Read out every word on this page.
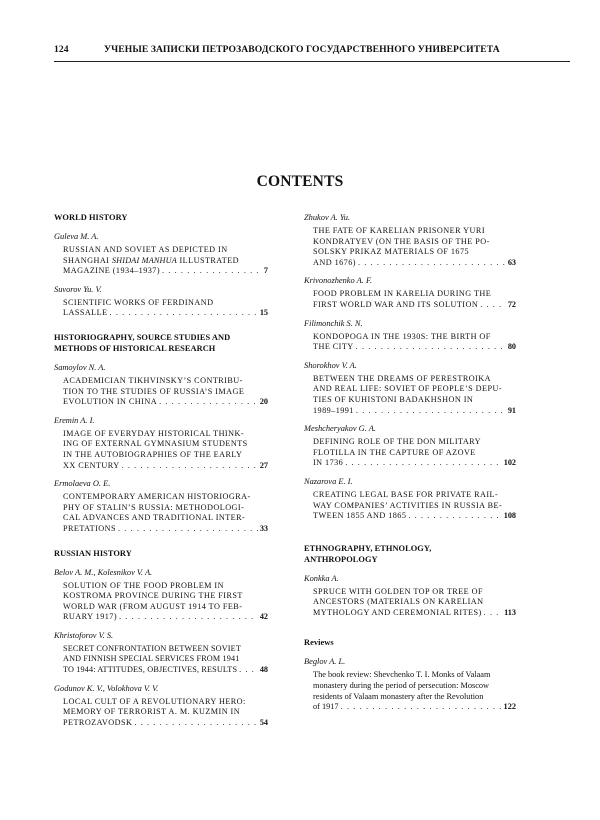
124	УЧЕНЫЕ ЗАПИСКИ ПЕТРОЗАВОДСКОГО ГОСУДАРСТВЕННОГО УНИВЕРСИТЕТА
CONTENTS
WORLD HISTORY
Guleva M. A.
RUSSIAN AND SOVIET AS DEPICTED IN
SHANGHAI SHIDAI MANHUA ILLUSTRATED
MAGAZINE (1934–1937) . . .	7
Suvorov Yu. V.
SCIENTIFIC WORKS OF FERDINAND
LASSALLE . . .	15
HISTORIOGRAPHY, SOURCE STUDIES AND
METHODS OF HISTORICAL RESEARCH
Samoylov N. A.
ACADEMICIAN TIKHVINSKY’S CONTRIBU-
TION TO THE STUDIES OF RUSSIA’S IMAGE
EVOLUTION IN CHINA . . .	20
Eremin A. I.
IMAGE OF EVERYDAY HISTORICAL THINK-
ING OF EXTERNAL GYMNASIUM STUDENTS
IN THE AUTOBIOGRAPHIES OF THE EARLY
XX CENTURY . . .	27
Ermolaeva O. E.
CONTEMPORARY AMERICAN HISTORIOGRA-
PHY OF STALIN’S RUSSIA: METHODOLOGI-
CAL ADVANCES AND TRADITIONAL INTER-
PRETATIONS . . .	33
RUSSIAN HISTORY
Belov A. M., Kolesnikov V. A.
SOLUTION OF THE FOOD PROBLEM IN
KOSTROMA PROVINCE DURING THE FIRST
WORLD WAR (FROM AUGUST 1914 TO FEB-
RUARY 1917) . . .	42
Khristoforov V. S.
SECRET CONFRONTATION BETWEEN SOVIET
AND FINNISH SPECIAL SERVICES FROM 1941
TO 1944: ATTITUDES, OBJECTIVES, RESULTS . . .	48
Godunov K. V., Volokhova V. V.
LOCAL CULT OF A REVOLUTIONARY HERO:
MEMORY OF TERRORIST A. M. KUZMIN IN
PETROZAVODSK . . .	54
Zhukov A. Yu.
THE FATE OF KARELIAN PRISONER YURI
KONDRATYEV (ON THE BASIS OF THE PO-
SOLSKY PRIKAZ MATERIALS OF 1675
AND 1676) . . .	63
Krivonozhenko A. F.
FOOD PROBLEM IN KARELIA DURING THE
FIRST WORLD WAR AND ITS SOLUTION . . .	72
Filimonchik S. N.
KONDOPOGA IN THE 1930S: THE BIRTH OF
THE CITY . . .	80
Shorokhov V. A.
BETWEEN THE DREAMS OF PERESTROIKA
AND REAL LIFE: SOVIET OF PEOPLE’S DEPU-
TIES OF KUHISTONI BADAKHSHON IN
1989–1991 . . .	91
Meshcheryakov G. A.
DEFINING ROLE OF THE DON MILITARY
FLOTILLA IN THE CAPTURE OF AZOVE
IN 1736 . . .	102
Nazarova E. I.
CREATING LEGAL BASE FOR PRIVATE RAIL-
WAY COMPANIES’ ACTIVITIES IN RUSSIA BE-
TWEEN 1855 AND 1865 . . .	108
ETHNOGRAPHY, ETHNOLOGY,
ANTHROPOLOGY
Konkka A.
SPRUCE WITH GOLDEN TOP OR TREE OF
ANCESTORS (MATERIALS ON KARELIAN
MYTHOLOGY AND CEREMONIAL RITES) . . .	113
Reviews
Beglov A. L.
The book review: Shevchenko T. I. Monks of Valaam
monastery during the period of persecution: Moscow
residents of Valaam monastery after the Revolution
of 1917 . . .	122
